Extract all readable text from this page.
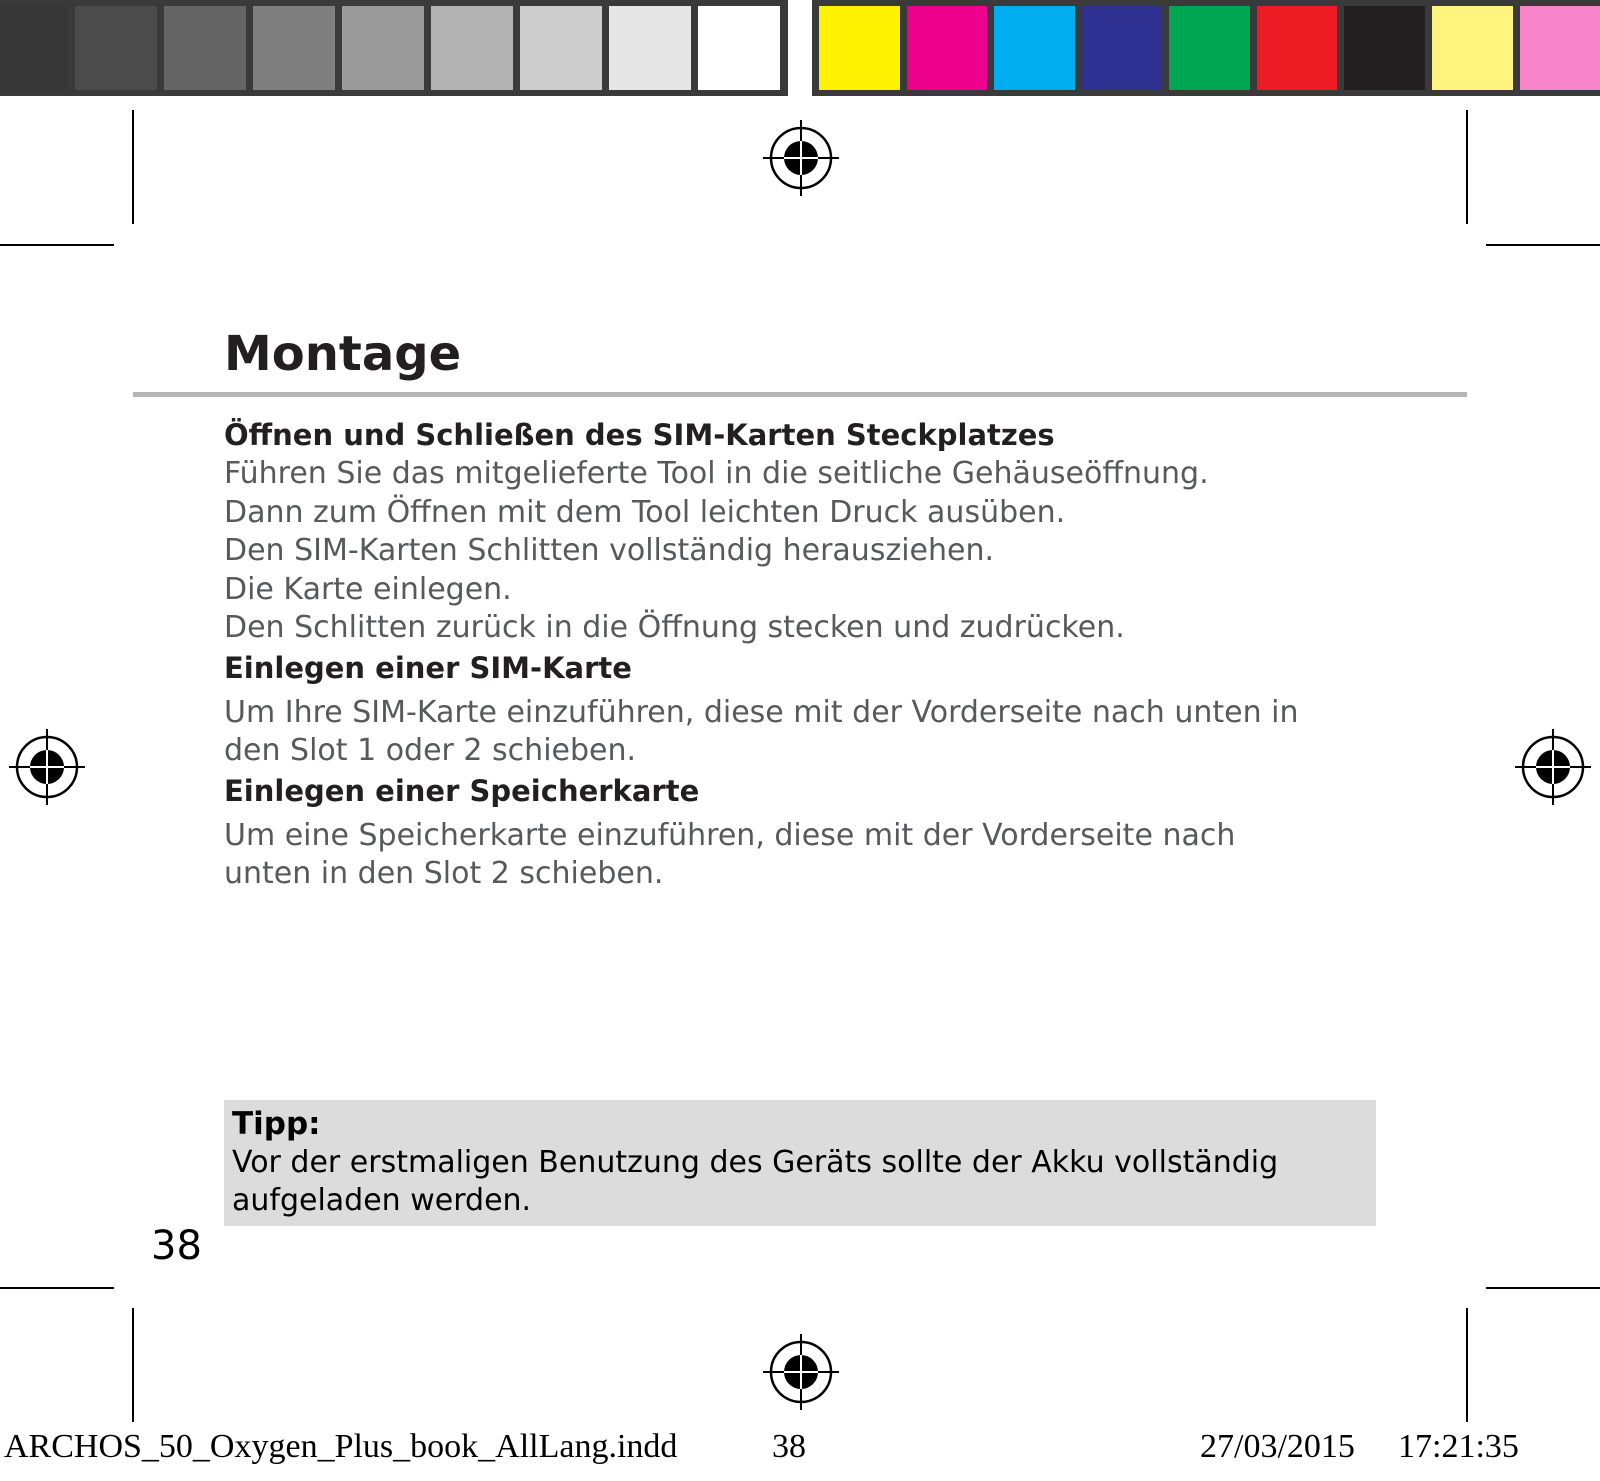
Montage

Öffnen und Schließen des SIM-Karten Steckplatzes

Führen Sie das mitgelieferte Tool in die seitliche Gehäuseöffnung.

Dann zum Öffnen mit dem Tool leichten Druck ausüben.

Den SIM-Karten Schlitten vollständig herausziehen.

Die Karte einlegen.

Den Schlitten zurück in die Öffnung stecken und zudrücken.

Einlegen einer SIM-Karte

Um Ihre SIM-Karte einzuführen, diese mit der Vorderseite nach unten in

den Slot 1 oder 2 schieben.

Einlegen einer Speicherkarte

Um eine Speicherkarte einzuführen, diese mit der Vorderseite nach

unten in den Slot 2 schieben.

Tipp:

Vor der erstmaligen Benutzung des Geräts sollte der Akku vollständig

aufgeladen werden.

38
ARCHOS_50_Oxygen_Plus_book_AllLang.indd	38	27/03/2015 17:21:35
